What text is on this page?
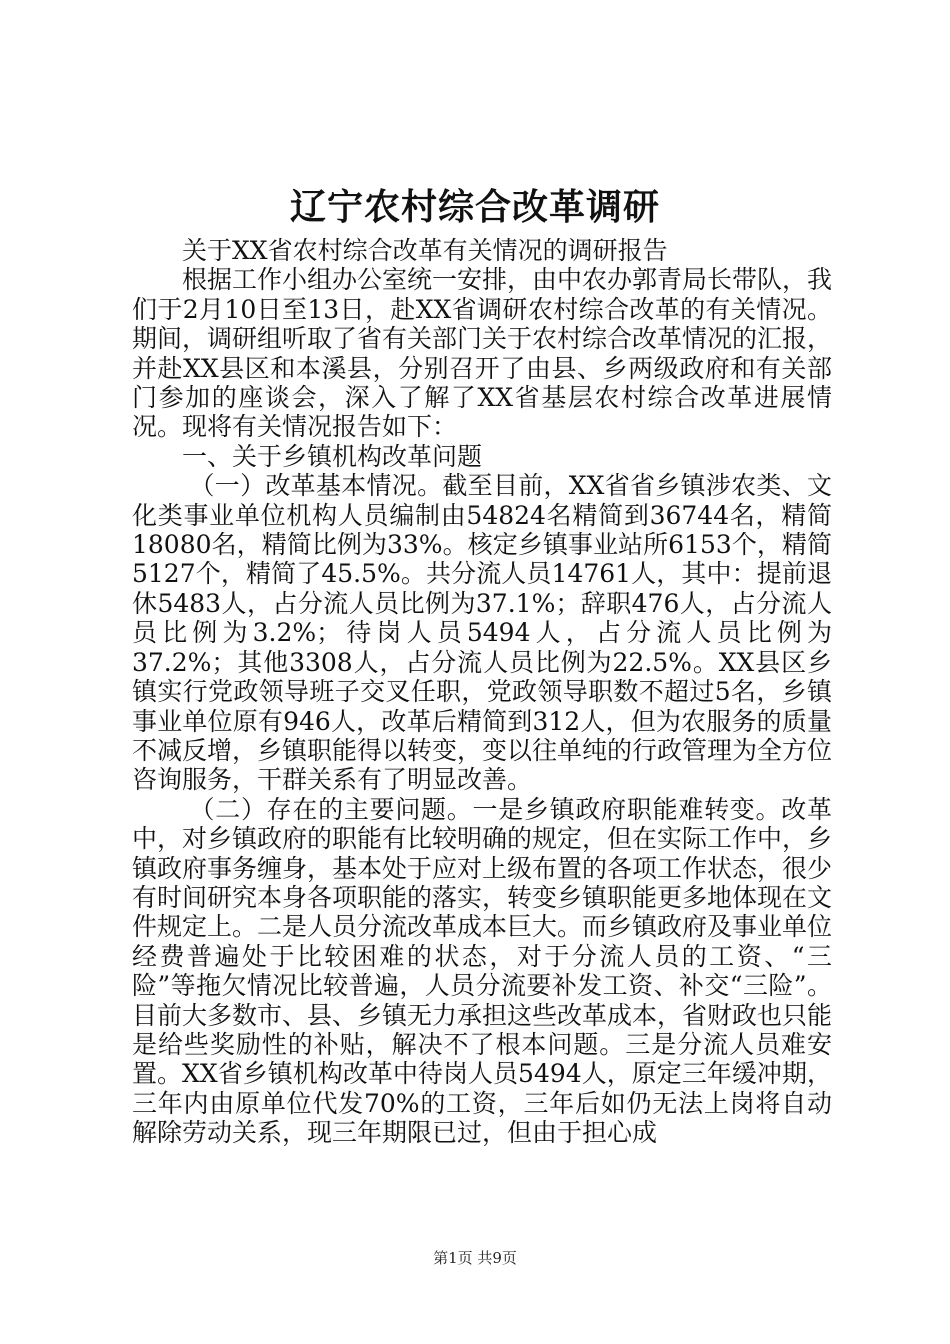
辽宁农村综合改革调研

关于XX省农村综合改革有关情况的调研报告

根据工作小组办公室统一安排，由中农办郭青局长带队，我们于2月10日至13日，赴XX省调研农村综合改革的有关情况。期间，调研组听取了省有关部门关于农村综合改革情况的汇报，并赴XX县区和本溪县，分别召开了由县、乡两级政府和有关部门参加的座谈会，深入了解了XX省基层农村综合改革进展情况。现将有关情况报告如下：

一、关于乡镇机构改革问题

（一）改革基本情况。截至目前，XX省省乡镇涉农类、文化类事业单位机构人员编制由54824名精简到36744名，精简18080名，精简比例为33%。核定乡镇事业站所6153个，精简5127个，精简了45.5%。共分流人员14761人，其中：提前退休5483人，占分流人员比例为37.1%；辞职476人，占分流人员比例为3.2%；待岗人员5494人，占分流人员比例为37.2%；其他3308人，占分流人员比例为22.5%。XX县区乡镇实行党政领导班子交叉任职，党政领导职数不超过5名，乡镇事业单位原有946人，改革后精简到312人，但为农服务的质量不减反增，乡镇职能得以转变，变以往单纯的行政管理为全方位咨询服务，干群关系有了明显改善。

（二）存在的主要问题。一是乡镇政府职能难转变。改革中，对乡镇政府的职能有比较明确的规定，但在实际工作中，乡镇政府事务缠身，基本处于应对上级布置的各项工作状态，很少有时间研究本身各项职能的落实，转变乡镇职能更多地体现在文件规定上。二是人员分流改革成本巨大。而乡镇政府及事业单位经费普遍处于比较困难的状态，对于分流人员的工资、“三险”等拖欠情况比较普遍，人员分流要补发工资、补交“三险”。目前大多数市、县、乡镇无力承担这些改革成本，省财政也只能是给些奖励性的补贴，解决不了根本问题。三是分流人员难安置。XX省乡镇机构改革中待岗人员5494人，原定三年缓冲期，三年内由原单位代发70%的工资，三年后如仍无法上岗将自动解除劳动关系，现三年期限已过，但由于担心成

第1页 共9页
